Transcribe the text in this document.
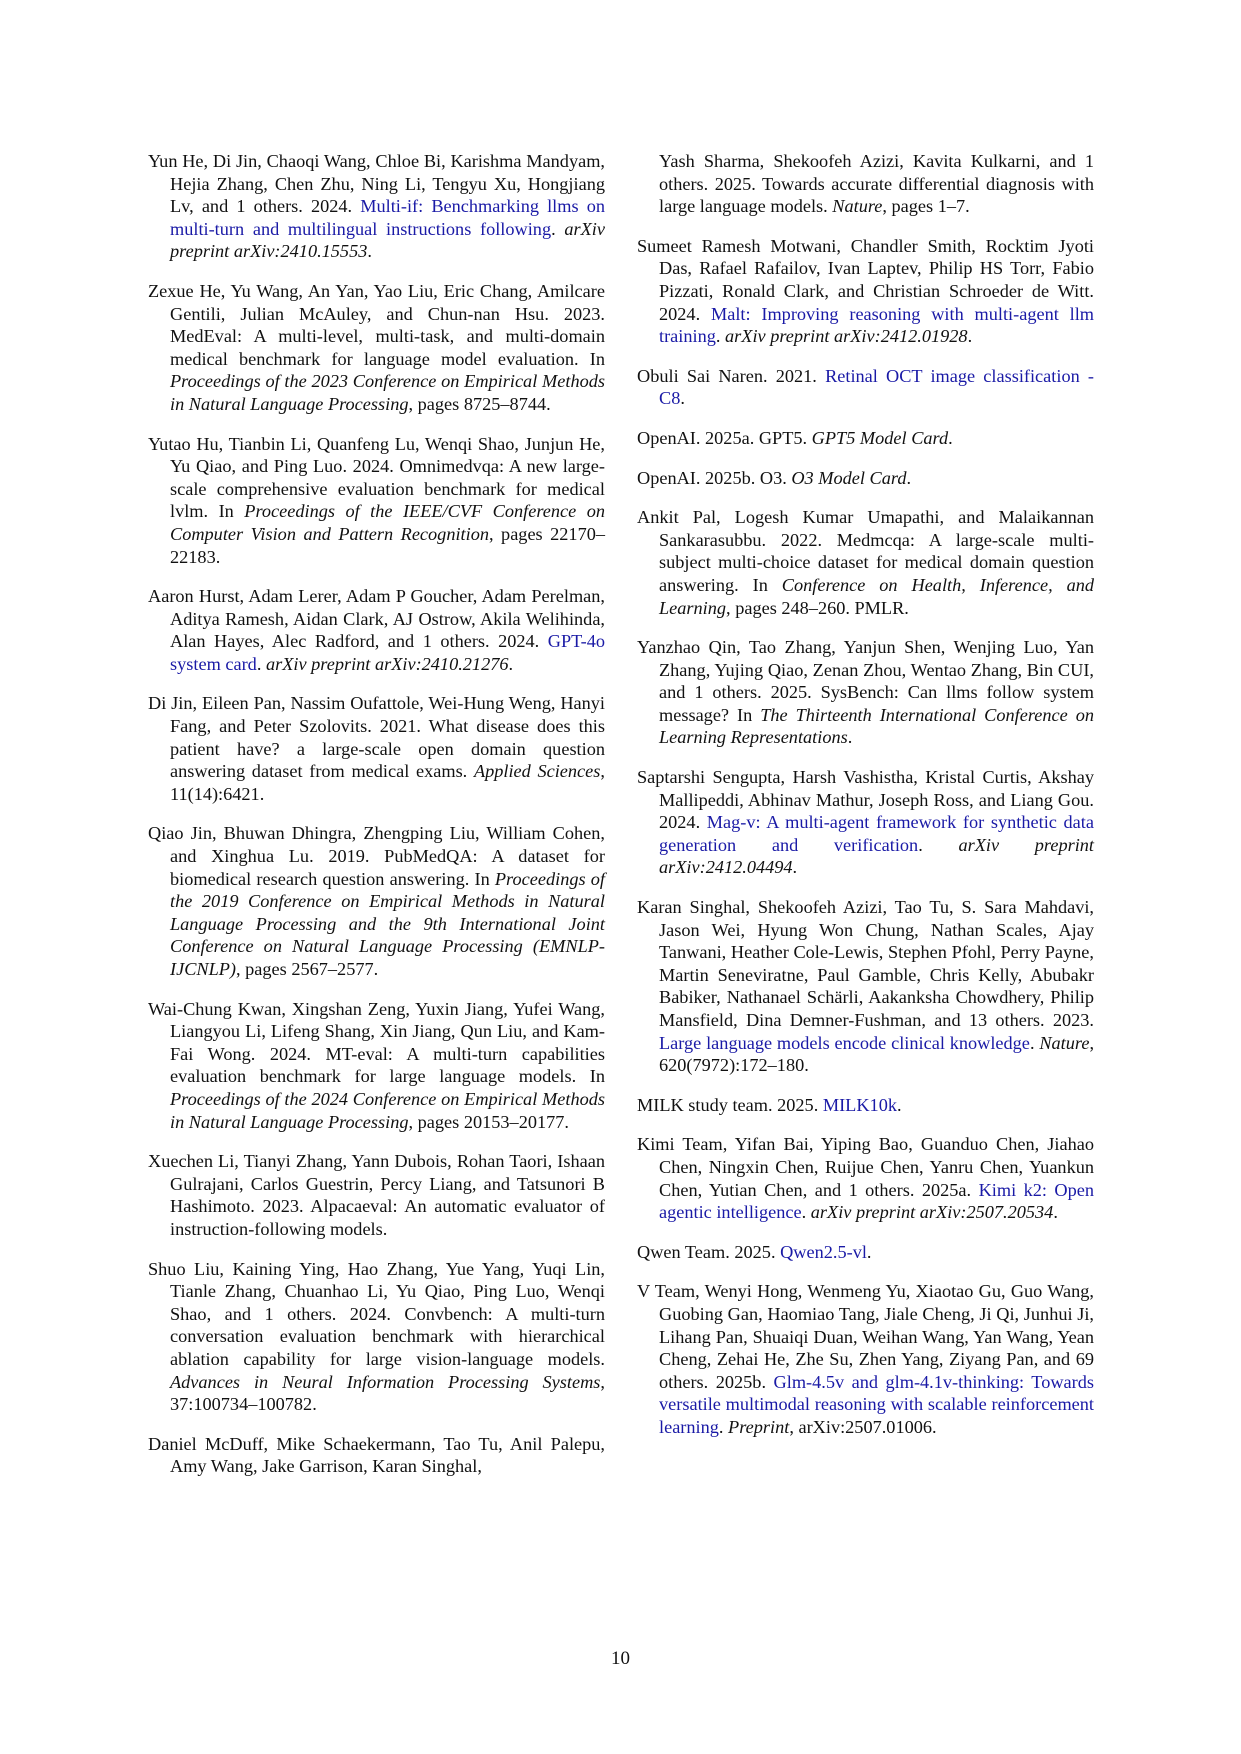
Yun He, Di Jin, Chaoqi Wang, Chloe Bi, Karishma Mandyam, Hejia Zhang, Chen Zhu, Ning Li, Tengyu Xu, Hongjiang Lv, and 1 others. 2024. Multi-if: Benchmarking llms on multi-turn and multilingual instructions following. arXiv preprint arXiv:2410.15553.

Zexue He, Yu Wang, An Yan, Yao Liu, Eric Chang, Amilcare Gentili, Julian McAuley, and Chun-nan Hsu. 2023. MedEval: A multi-level, multi-task, and multi-domain medical benchmark for language model evaluation. In Proceedings of the 2023 Conference on Empirical Methods in Natural Language Processing, pages 8725–8744.

Yutao Hu, Tianbin Li, Quanfeng Lu, Wenqi Shao, Junjun He, Yu Qiao, and Ping Luo. 2024. Omnimedvqa: A new large-scale comprehensive evaluation benchmark for medical lvlm. In Proceedings of the IEEE/CVF Conference on Computer Vision and Pattern Recognition, pages 22170–22183.

Aaron Hurst, Adam Lerer, Adam P Goucher, Adam Perelman, Aditya Ramesh, Aidan Clark, AJ Ostrow, Akila Welihinda, Alan Hayes, Alec Radford, and 1 others. 2024. GPT-4o system card. arXiv preprint arXiv:2410.21276.

Di Jin, Eileen Pan, Nassim Oufattole, Wei-Hung Weng, Hanyi Fang, and Peter Szolovits. 2021. What disease does this patient have? a large-scale open domain question answering dataset from medical exams. Applied Sciences, 11(14):6421.

Qiao Jin, Bhuwan Dhingra, Zhengping Liu, William Cohen, and Xinghua Lu. 2019. PubMedQA: A dataset for biomedical research question answering. In Proceedings of the 2019 Conference on Empirical Methods in Natural Language Processing and the 9th International Joint Conference on Natural Language Processing (EMNLP-IJCNLP), pages 2567–2577.

Wai-Chung Kwan, Xingshan Zeng, Yuxin Jiang, Yufei Wang, Liangyou Li, Lifeng Shang, Xin Jiang, Qun Liu, and Kam-Fai Wong. 2024. MT-eval: A multi-turn capabilities evaluation benchmark for large language models. In Proceedings of the 2024 Conference on Empirical Methods in Natural Language Processing, pages 20153–20177.

Xuechen Li, Tianyi Zhang, Yann Dubois, Rohan Taori, Ishaan Gulrajani, Carlos Guestrin, Percy Liang, and Tatsunori B Hashimoto. 2023. Alpacaeval: An automatic evaluator of instruction-following models.

Shuo Liu, Kaining Ying, Hao Zhang, Yue Yang, Yuqi Lin, Tianle Zhang, Chuanhao Li, Yu Qiao, Ping Luo, Wenqi Shao, and 1 others. 2024. Convbench: A multi-turn conversation evaluation benchmark with hierarchical ablation capability for large vision-language models. Advances in Neural Information Processing Systems, 37:100734–100782.

Daniel McDuff, Mike Schaekermann, Tao Tu, Anil Palepu, Amy Wang, Jake Garrison, Karan Singhal,

Yash Sharma, Shekoofeh Azizi, Kavita Kulkarni, and 1 others. 2025. Towards accurate differential diagnosis with large language models. Nature, pages 1–7.

Sumeet Ramesh Motwani, Chandler Smith, Rocktim Jyoti Das, Rafael Rafailov, Ivan Laptev, Philip HS Torr, Fabio Pizzati, Ronald Clark, and Christian Schroeder de Witt. 2024. Malt: Improving reasoning with multi-agent llm training. arXiv preprint arXiv:2412.01928.

Obuli Sai Naren. 2021. Retinal OCT image classification - C8.

OpenAI. 2025a. GPT5. GPT5 Model Card.

OpenAI. 2025b. O3. O3 Model Card.

Ankit Pal, Logesh Kumar Umapathi, and Malaikannan Sankarasubbu. 2022. Medmcqa: A large-scale multi-subject multi-choice dataset for medical domain question answering. In Conference on Health, Inference, and Learning, pages 248–260. PMLR.

Yanzhao Qin, Tao Zhang, Yanjun Shen, Wenjing Luo, Yan Zhang, Yujing Qiao, Zenan Zhou, Wentao Zhang, Bin CUI, and 1 others. 2025. SysBench: Can llms follow system message? In The Thirteenth International Conference on Learning Representations.

Saptarshi Sengupta, Harsh Vashistha, Kristal Curtis, Akshay Mallipeddi, Abhinav Mathur, Joseph Ross, and Liang Gou. 2024. Mag-v: A multi-agent framework for synthetic data generation and verification. arXiv preprint arXiv:2412.04494.

Karan Singhal, Shekoofeh Azizi, Tao Tu, S. Sara Mahdavi, Jason Wei, Hyung Won Chung, Nathan Scales, Ajay Tanwani, Heather Cole-Lewis, Stephen Pfohl, Perry Payne, Martin Seneviratne, Paul Gamble, Chris Kelly, Abubakr Babiker, Nathanael Schärli, Aakanksha Chowdhery, Philip Mansfield, Dina Demner-Fushman, and 13 others. 2023. Large language models encode clinical knowledge. Nature, 620(7972):172–180.

MILK study team. 2025. MILK10k.

Kimi Team, Yifan Bai, Yiping Bao, Guanduo Chen, Jiahao Chen, Ningxin Chen, Ruijue Chen, Yanru Chen, Yuankun Chen, Yutian Chen, and 1 others. 2025a. Kimi k2: Open agentic intelligence. arXiv preprint arXiv:2507.20534.

Qwen Team. 2025. Qwen2.5-vl.

V Team, Wenyi Hong, Wenmeng Yu, Xiaotao Gu, Guo Wang, Guobing Gan, Haomiao Tang, Jiale Cheng, Ji Qi, Junhui Ji, Lihang Pan, Shuaiqi Duan, Weihan Wang, Yan Wang, Yean Cheng, Zehai He, Zhe Su, Zhen Yang, Ziyang Pan, and 69 others. 2025b. Glm-4.5v and glm-4.1v-thinking: Towards versatile multimodal reasoning with scalable reinforcement learning. Preprint, arXiv:2507.01006.

10
